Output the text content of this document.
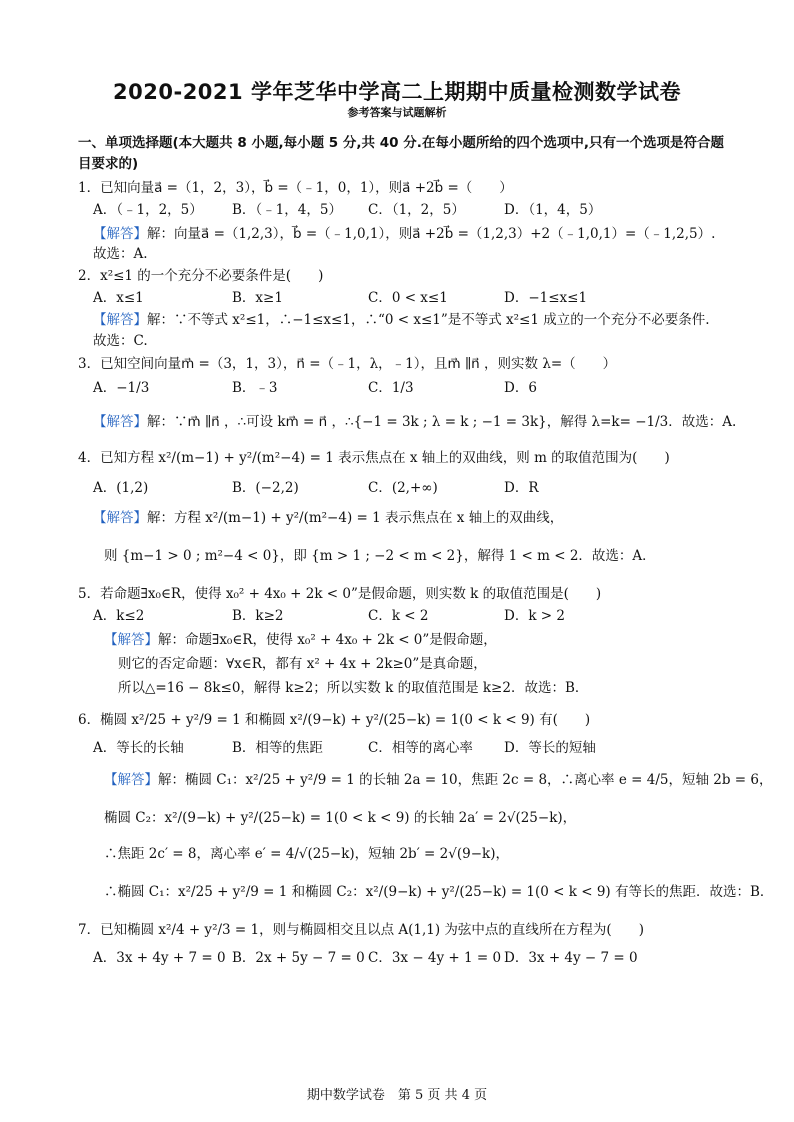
2020-2021 学年芝华中学高二上期期中质量检测数学试卷
参考答案与试题解析
一、单项选择题(本大题共 8 小题,每小题 5 分,共 40 分.在每小题所给的四个选项中,只有一个选项是符合题目要求的)
1．已知向量a⃗ =（1，2，3），b⃗ =（﹣1，0，1），则a⃗ +2b⃗ =（　　）
A．（﹣1，2，5） B．（﹣1，4，5） C．（1，2，5）	D．（1，4，5）
【解答】解：向量a⃗ =（1,2,3），b⃗ =（﹣1,0,1），则a⃗ +2b⃗ =（1,2,3）+2（﹣1,0,1）=（﹣1,2,5）.
故选：A.
2．x²≤1 的一个充分不必要条件是(　　)
A．x≤1	B．x≥1	C．0 < x≤1	D．−1≤x≤1
【解答】解：∵不等式 x²≤1，∴−1≤x≤1，∴“0 < x≤1”是不等式 x²≤1 成立的一个充分不必要条件.
故选：C.
3．已知空间向量m⃗ =（3，1，3），n⃗ =（﹣1，λ，﹣1），且m⃗ ∥n⃗ ，则实数 λ=（　　）
A．−1/3	B．﹣3	C．1/3	D．6
【解答】解：∵m⃗ ∥n⃗ ，∴可设 km⃗ = n⃗ ，∴{−1 = 3k ; λ = k ; −1 = 3k}，解得 λ=k= −1/3．故选：A.
4．已知方程 x²/(m−1) + y²/(m²−4) = 1 表示焦点在 x 轴上的双曲线，则 m 的取值范围为(　　)
A．(1,2)	B．(−2,2)	C．(2,+∞)	D．R
【解答】解：方程 x²/(m−1) + y²/(m²−4) = 1 表示焦点在 x 轴上的双曲线，
则 {m−1 > 0 ; m²−4 < 0}，即 {m > 1 ; −2 < m < 2}，解得 1 < m < 2．故选：A．
5．若命题∃x₀∈R，使得 x₀² + 4x₀ + 2k < 0”是假命题，则实数 k 的取值范围是(　　)
A．k≤2	B．k≥2	C．k < 2	D．k > 2
【解答】解：命题∃x₀∈R，使得 x₀² + 4x₀ + 2k < 0”是假命题，
则它的否定命题：∀x∈R，都有 x² + 4x + 2k≥0”是真命题，
所以△=16 − 8k≤0，解得 k≥2；所以实数 k 的取值范围是 k≥2．故选：B．
6．椭圆 x²/25 + y²/9 = 1 和椭圆 x²/(9−k) + y²/(25−k) = 1(0 < k < 9) 有(　　)
A．等长的长轴	B．相等的焦距	C．相等的离心率 D．等长的短轴
【解答】解：椭圆 C₁：x²/25 + y²/9 = 1 的长轴 2a = 10，焦距 2c = 8，∴离心率 e = 4/5，短轴 2b = 6，
椭圆 C₂：x²/(9−k) + y²/(25−k) = 1(0 < k < 9) 的长轴 2a′ = 2√(25−k)，
∴焦距 2c′ = 8，离心率 e′ = 4/√(25−k)，短轴 2b′ = 2√(9−k)，
∴椭圆 C₁：x²/25 + y²/9 = 1 和椭圆 C₂：x²/(9−k) + y²/(25−k) = 1(0 < k < 9) 有等长的焦距．故选：B．
7．已知椭圆 x²/4 + y²/3 = 1，则与椭圆相交且以点 A(1,1) 为弦中点的直线所在方程为(　　)
A．3x + 4y + 7 = 0 B．2x + 5y − 7 = 0 C．3x − 4y + 1 = 0 D．3x + 4y − 7 = 0
期中数学试卷　第 5 页 共 4 页
